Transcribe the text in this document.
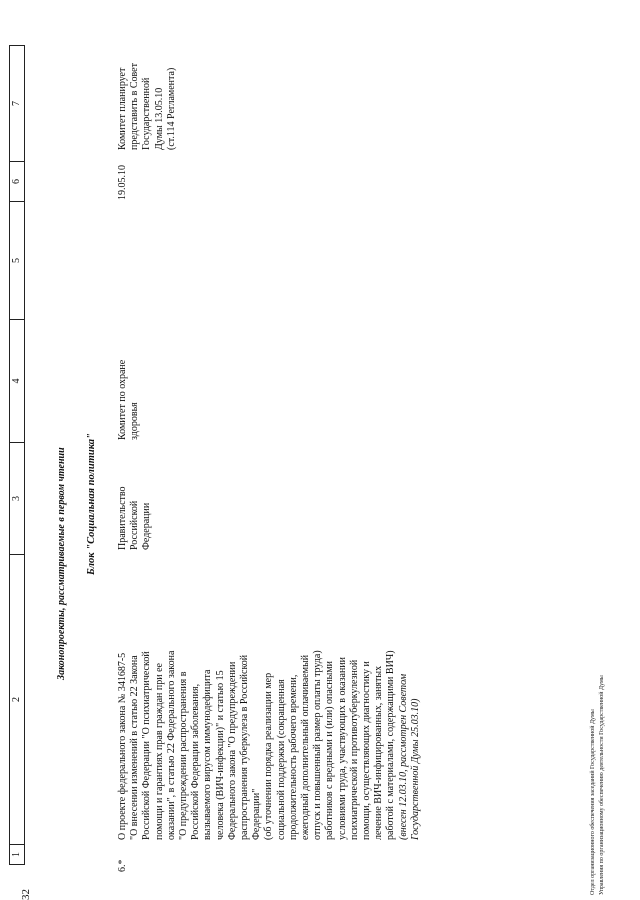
32
1
2
3
4
5
6
7
Законопроекты, рассматриваемые в первом чтении Блок "Социальная политика"
6.*
О проекте федерального закона № 341687-5 "О внесении изменений в статью 22 Закона Российской Федерации "О психиатрической помощи и гарантиях прав граждан при ее оказании", в статью 22 Федерального закона "О предупреждении распространения в Российской Федерации заболевания, вызываемого вирусом иммунодефицита человека (ВИЧ-инфекции)" и статью 15 Федерального закона "О предупреждении распространения туберкулеза в Российской Федерации" (об уточнении порядка реализации мер социальной поддержки (сокращенная продолжительность рабочего времени, ежегодный дополнительный оплачиваемый отпуск и повышенный размер оплаты труда) работников с вредными и (или) опасными условиями труда, участвующих в оказании психиатрической и противотуберкулезной помощи, осуществляющих диагностику и лечение ВИЧ-инфицированных, занятых работой с материалами, содержащими ВИЧ) (внесен 12.03.10, рассмотрен Советом Государственной Думы 25.03.10)
Правительство Российской Федерации
Комитет по охране здоровья
19.05.10
Комитет планирует представить в Совет Государственной Думы 13.05.10 (ст.114 Регламента)
Отдел организационного обеспечения заседаний Государственной Думы Управления по организационному обеспечению деятельности Государственной Думы
